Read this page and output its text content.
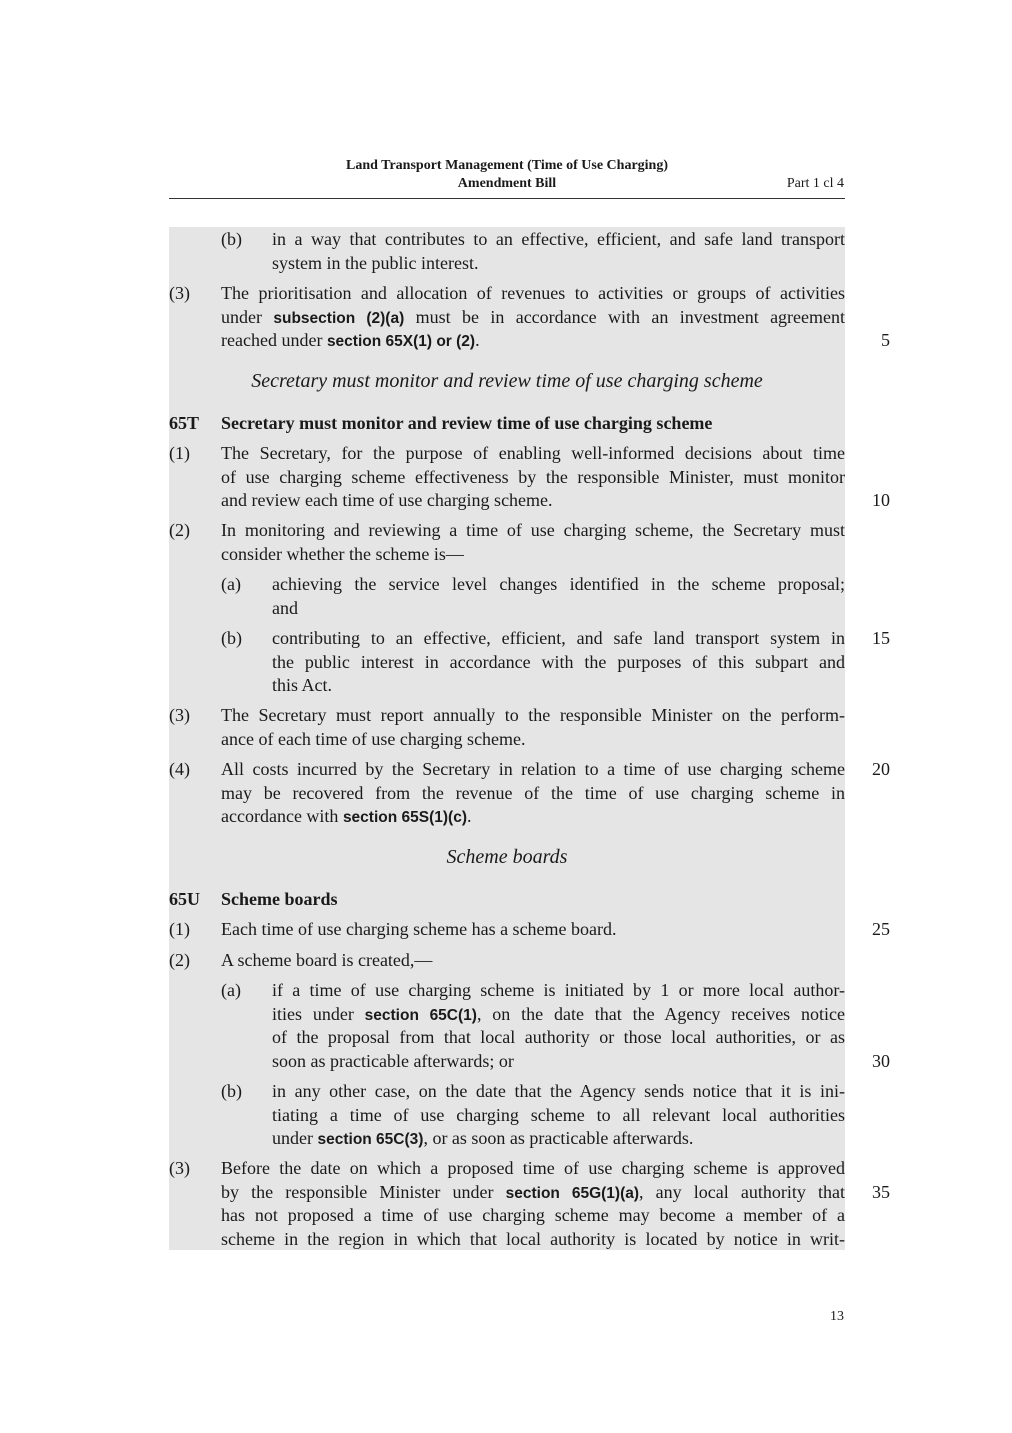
Land Transport Management (Time of Use Charging)
Amendment Bill	Part 1 cl 4
(b) in a way that contributes to an effective, efficient, and safe land transport
system in the public interest.
(3) The prioritisation and allocation of revenues to activities or groups of activities
under subsection (2)(a) must be in accordance with an investment agreement
reached under section 65X(1) or (2).
Secretary must monitor and review time of use charging scheme
65T Secretary must monitor and review time of use charging scheme
(1) The Secretary, for the purpose of enabling well-informed decisions about time
of use charging scheme effectiveness by the responsible Minister, must monitor
and review each time of use charging scheme.
(2) In monitoring and reviewing a time of use charging scheme, the Secretary must
consider whether the scheme is—
(a) achieving the service level changes identified in the scheme proposal;
and
(b) contributing to an effective, efficient, and safe land transport system in
the public interest in accordance with the purposes of this subpart and
this Act.
(3) The Secretary must report annually to the responsible Minister on the perform-
ance of each time of use charging scheme.
(4) All costs incurred by the Secretary in relation to a time of use charging scheme
may be recovered from the revenue of the time of use charging scheme in
accordance with section 65S(1)(c).
Scheme boards
65U Scheme boards
(1) Each time of use charging scheme has a scheme board.
(2) A scheme board is created,—
(a) if a time of use charging scheme is initiated by 1 or more local author-
ities under section 65C(1), on the date that the Agency receives notice
of the proposal from that local authority or those local authorities, or as
soon as practicable afterwards; or
(b) in any other case, on the date that the Agency sends notice that it is ini-
tiating a time of use charging scheme to all relevant local authorities
under section 65C(3), or as soon as practicable afterwards.
(3) Before the date on which a proposed time of use charging scheme is approved
by the responsible Minister under section 65G(1)(a), any local authority that
has not proposed a time of use charging scheme may become a member of a
scheme in the region in which that local authority is located by notice in writ-
5
10
15
20
25
30
35
13
